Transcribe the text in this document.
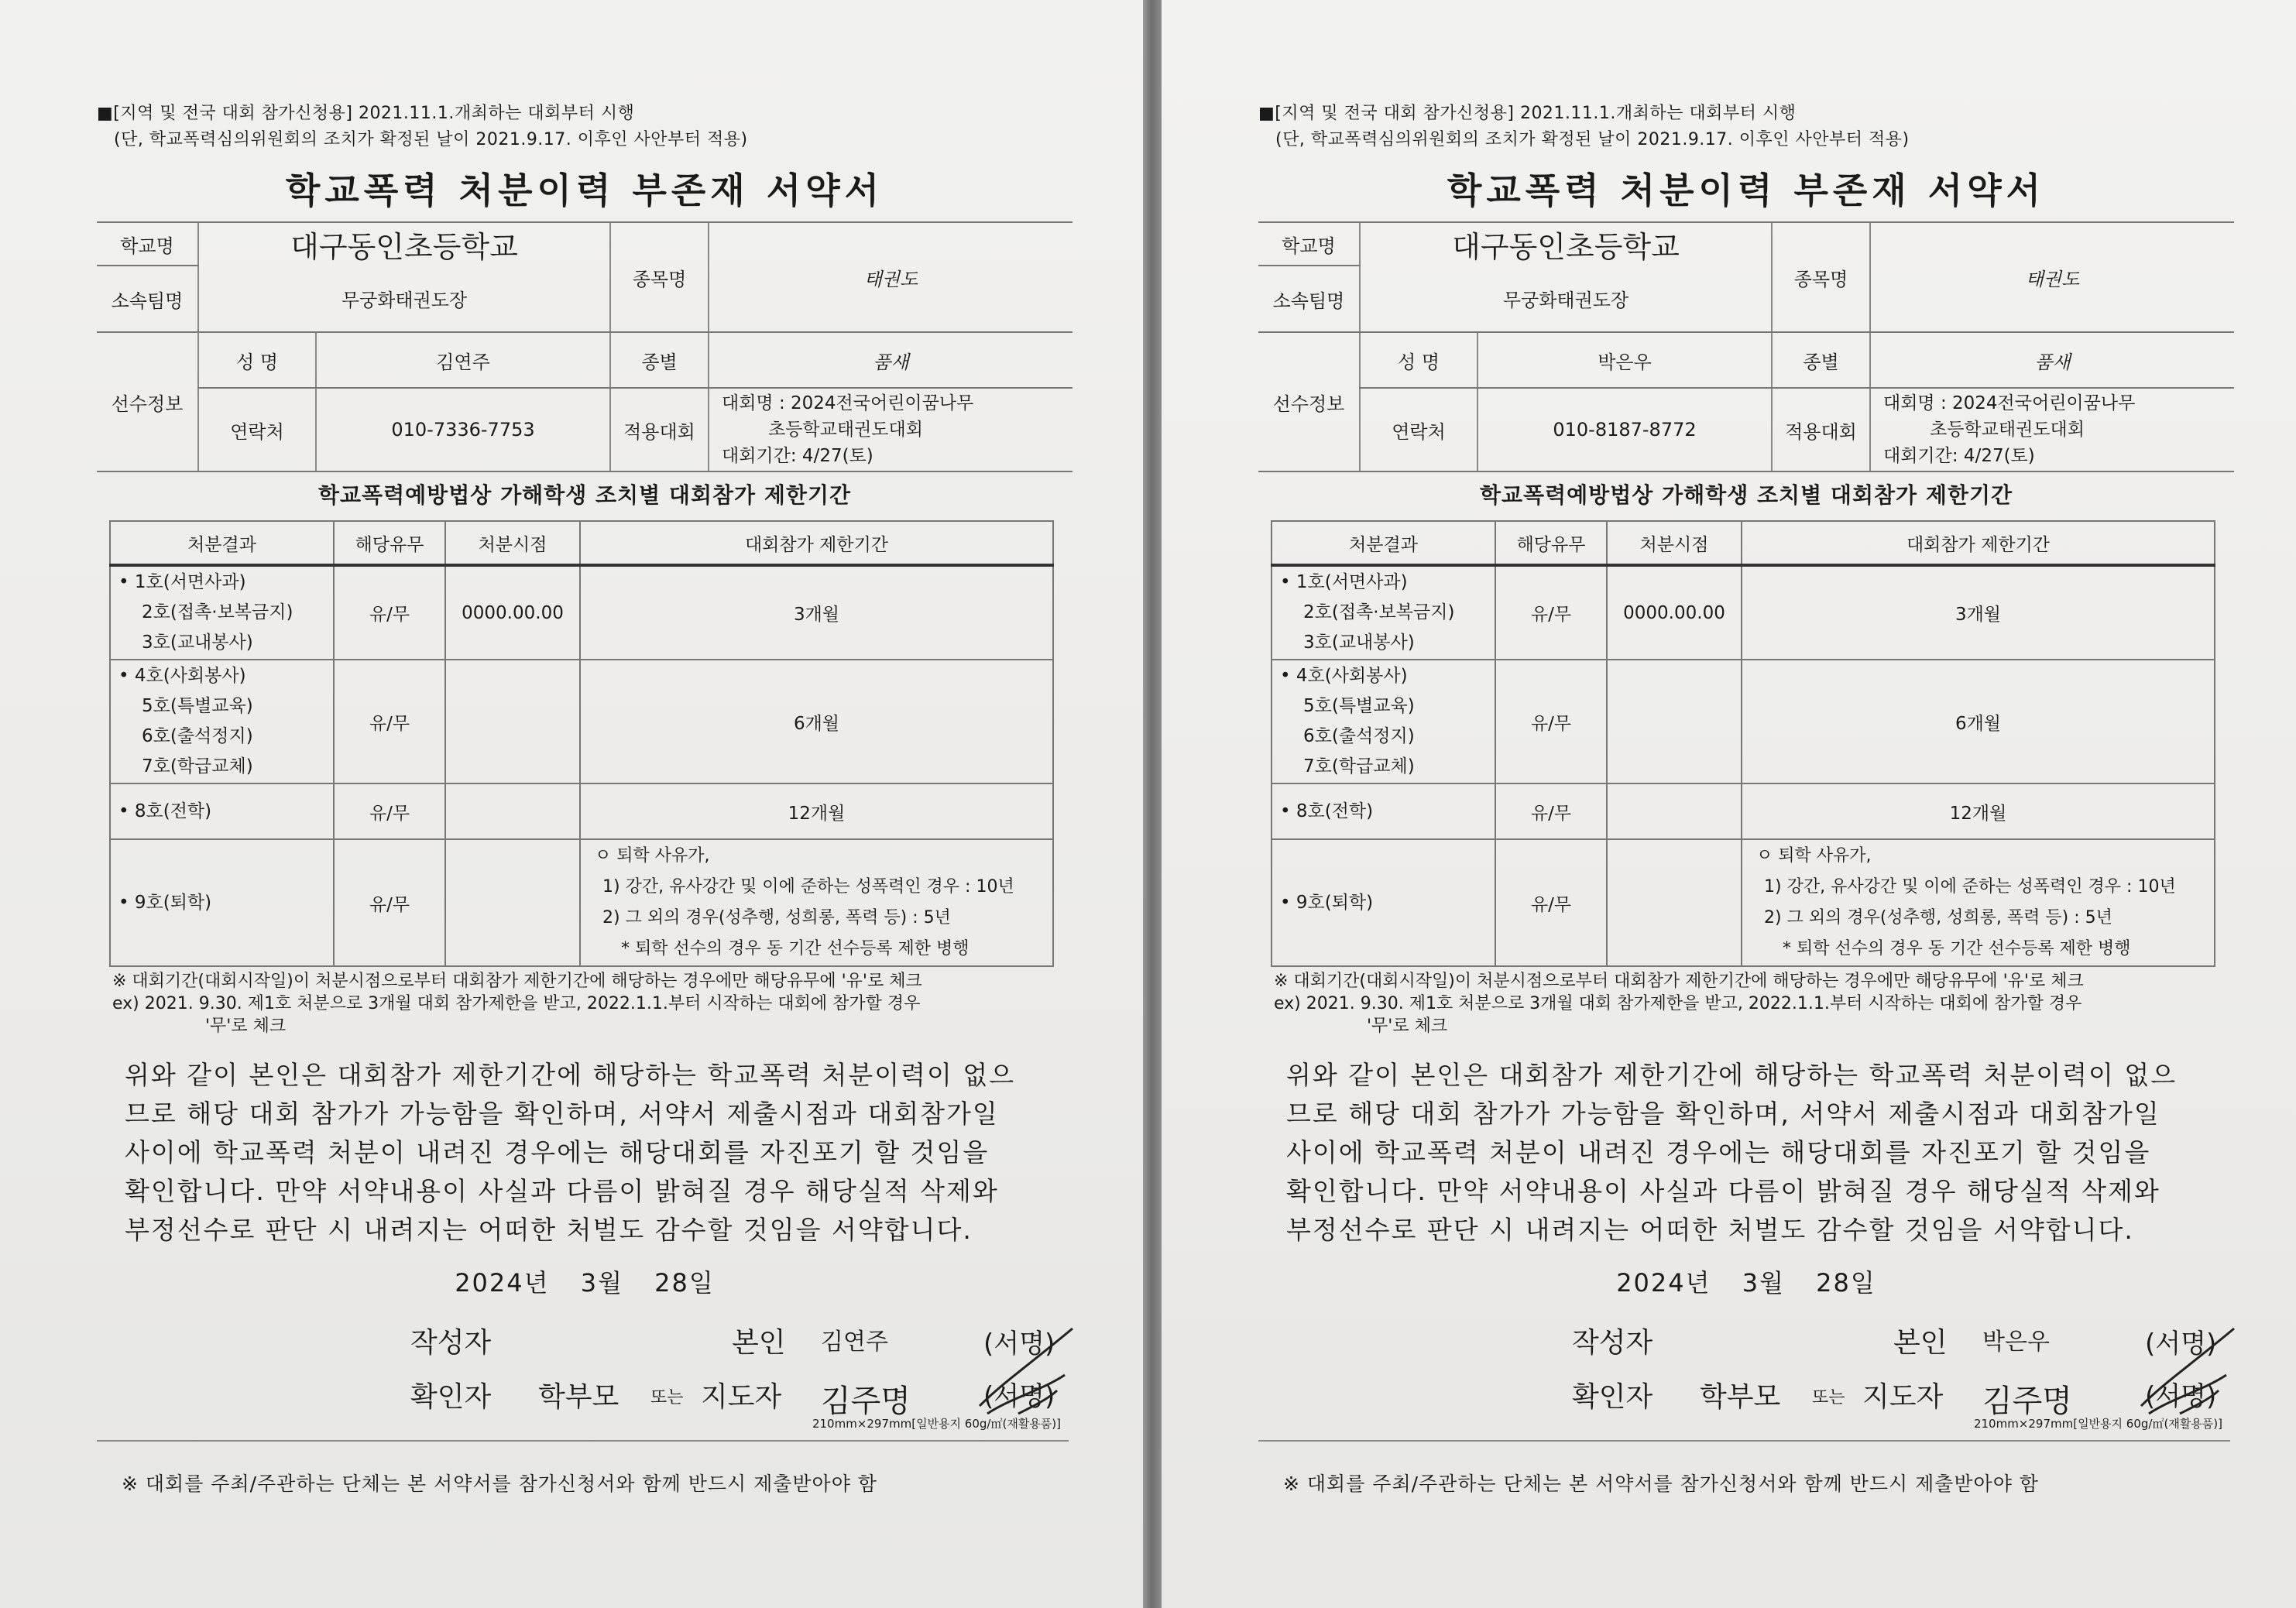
■[지역 및 전국 대회 참가신청용] 2021.11.1.개최하는 대회부터 시행
(단, 학교폭력심의위원회의 조치가 확정된 날이 2021.9.17. 이후인 사안부터 적용)
학교폭력 처분이력 부존재 서약서
학교명	대구동인초등학교	종목명	태권도
소속팀명	무궁화태권도장		
선수정보	성 명	김연주	종별	품새
	연락처	010-7336-7753	적용대회	대회명 : 2024전국어린이꿈나무
초등학교태권도대회
대회기간: 4/27(토)
학교폭력예방법상 가해학생 조치별 대회참가 제한기간
처분결과	해당유무	처분시점	대회참가 제한기간
• 1호(서면사과)
2호(접촉·보복금지)
3호(교내봉사)	유/무	0000.00.00	3개월
• 4호(사회봉사)
5호(특별교육)
6호(출석정지)
7호(학급교체)	유/무		6개월
• 8호(전학)	유/무		12개월
• 9호(퇴학)	유/무		ㅇ 퇴학 사유가,
1) 강간, 유사강간 및 이에 준하는 성폭력인 경우 : 10년
2) 그 외의 경우(성추행, 성희롱, 폭력 등) : 5년
* 퇴학 선수의 경우 동 기간 선수등록 제한 병행
※ 대회기간(대회시작일)이 처분시점으로부터 대회참가 제한기간에 해당하는 경우에만 해당유무에 '유'로 체크
ex) 2021. 9.30. 제1호 처분으로 3개월 대회 참가제한을 받고, 2022.1.1.부터 시작하는 대회에 참가할 경우
'무'로 체크
위와 같이 본인은 대회참가 제한기간에 해당하는 학교폭력 처분이력이 없으
므로 해당 대회 참가가 가능함을 확인하며, 서약서 제출시점과 대회참가일
사이에 학교폭력 처분이 내려진 경우에는 해당대회를 자진포기 할 것임을
확인합니다. 만약 서약내용이 사실과 다름이 밝혀질 경우 해당실적 삭제와
부정선수로 판단 시 내려지는 어떠한 처벌도 감수할 것임을 서약합니다.
2024년 3월 28일
작성자	본인 김연주	(서명)
확인자 학부모 또는 지도자 김주명	(서명)
210mm×297mm[일반용지 60g/㎡(재활용품)]
※ 대회를 주최/주관하는 단체는 본 서약서를 참가신청서와 함께 반드시 제출받아야 함
■[지역 및 전국 대회 참가신청용] 2021.11.1.개최하는 대회부터 시행
(단, 학교폭력심의위원회의 조치가 확정된 날이 2021.9.17. 이후인 사안부터 적용)
학교폭력 처분이력 부존재 서약서
학교명	대구동인초등학교	종목명	태권도
소속팀명	무궁화태권도장		
선수정보	성 명	박은우	종별	품새
	연락처	010-8187-8772	적용대회	대회명 : 2024전국어린이꿈나무
초등학교태권도대회
대회기간: 4/27(토)
학교폭력예방법상 가해학생 조치별 대회참가 제한기간
처분결과	해당유무	처분시점	대회참가 제한기간
• 1호(서면사과)
2호(접촉·보복금지)
3호(교내봉사)	유/무	0000.00.00	3개월
• 4호(사회봉사)
5호(특별교육)
6호(출석정지)
7호(학급교체)	유/무		6개월
• 8호(전학)	유/무		12개월
• 9호(퇴학)	유/무		ㅇ 퇴학 사유가,
1) 강간, 유사강간 및 이에 준하는 성폭력인 경우 : 10년
2) 그 외의 경우(성추행, 성희롱, 폭력 등) : 5년
* 퇴학 선수의 경우 동 기간 선수등록 제한 병행
※ 대회기간(대회시작일)이 처분시점으로부터 대회참가 제한기간에 해당하는 경우에만 해당유무에 '유'로 체크
ex) 2021. 9.30. 제1호 처분으로 3개월 대회 참가제한을 받고, 2022.1.1.부터 시작하는 대회에 참가할 경우
'무'로 체크
위와 같이 본인은 대회참가 제한기간에 해당하는 학교폭력 처분이력이 없으
므로 해당 대회 참가가 가능함을 확인하며, 서약서 제출시점과 대회참가일
사이에 학교폭력 처분이 내려진 경우에는 해당대회를 자진포기 할 것임을
확인합니다. 만약 서약내용이 사실과 다름이 밝혀질 경우 해당실적 삭제와
부정선수로 판단 시 내려지는 어떠한 처벌도 감수할 것임을 서약합니다.
2024년 3월 28일
작성자	본인 박은우	(서명)
확인자 학부모 또는 지도자 김주명	(서명)
210mm×297mm[일반용지 60g/㎡(재활용품)]
※ 대회를 주최/주관하는 단체는 본 서약서를 참가신청서와 함께 반드시 제출받아야 함
